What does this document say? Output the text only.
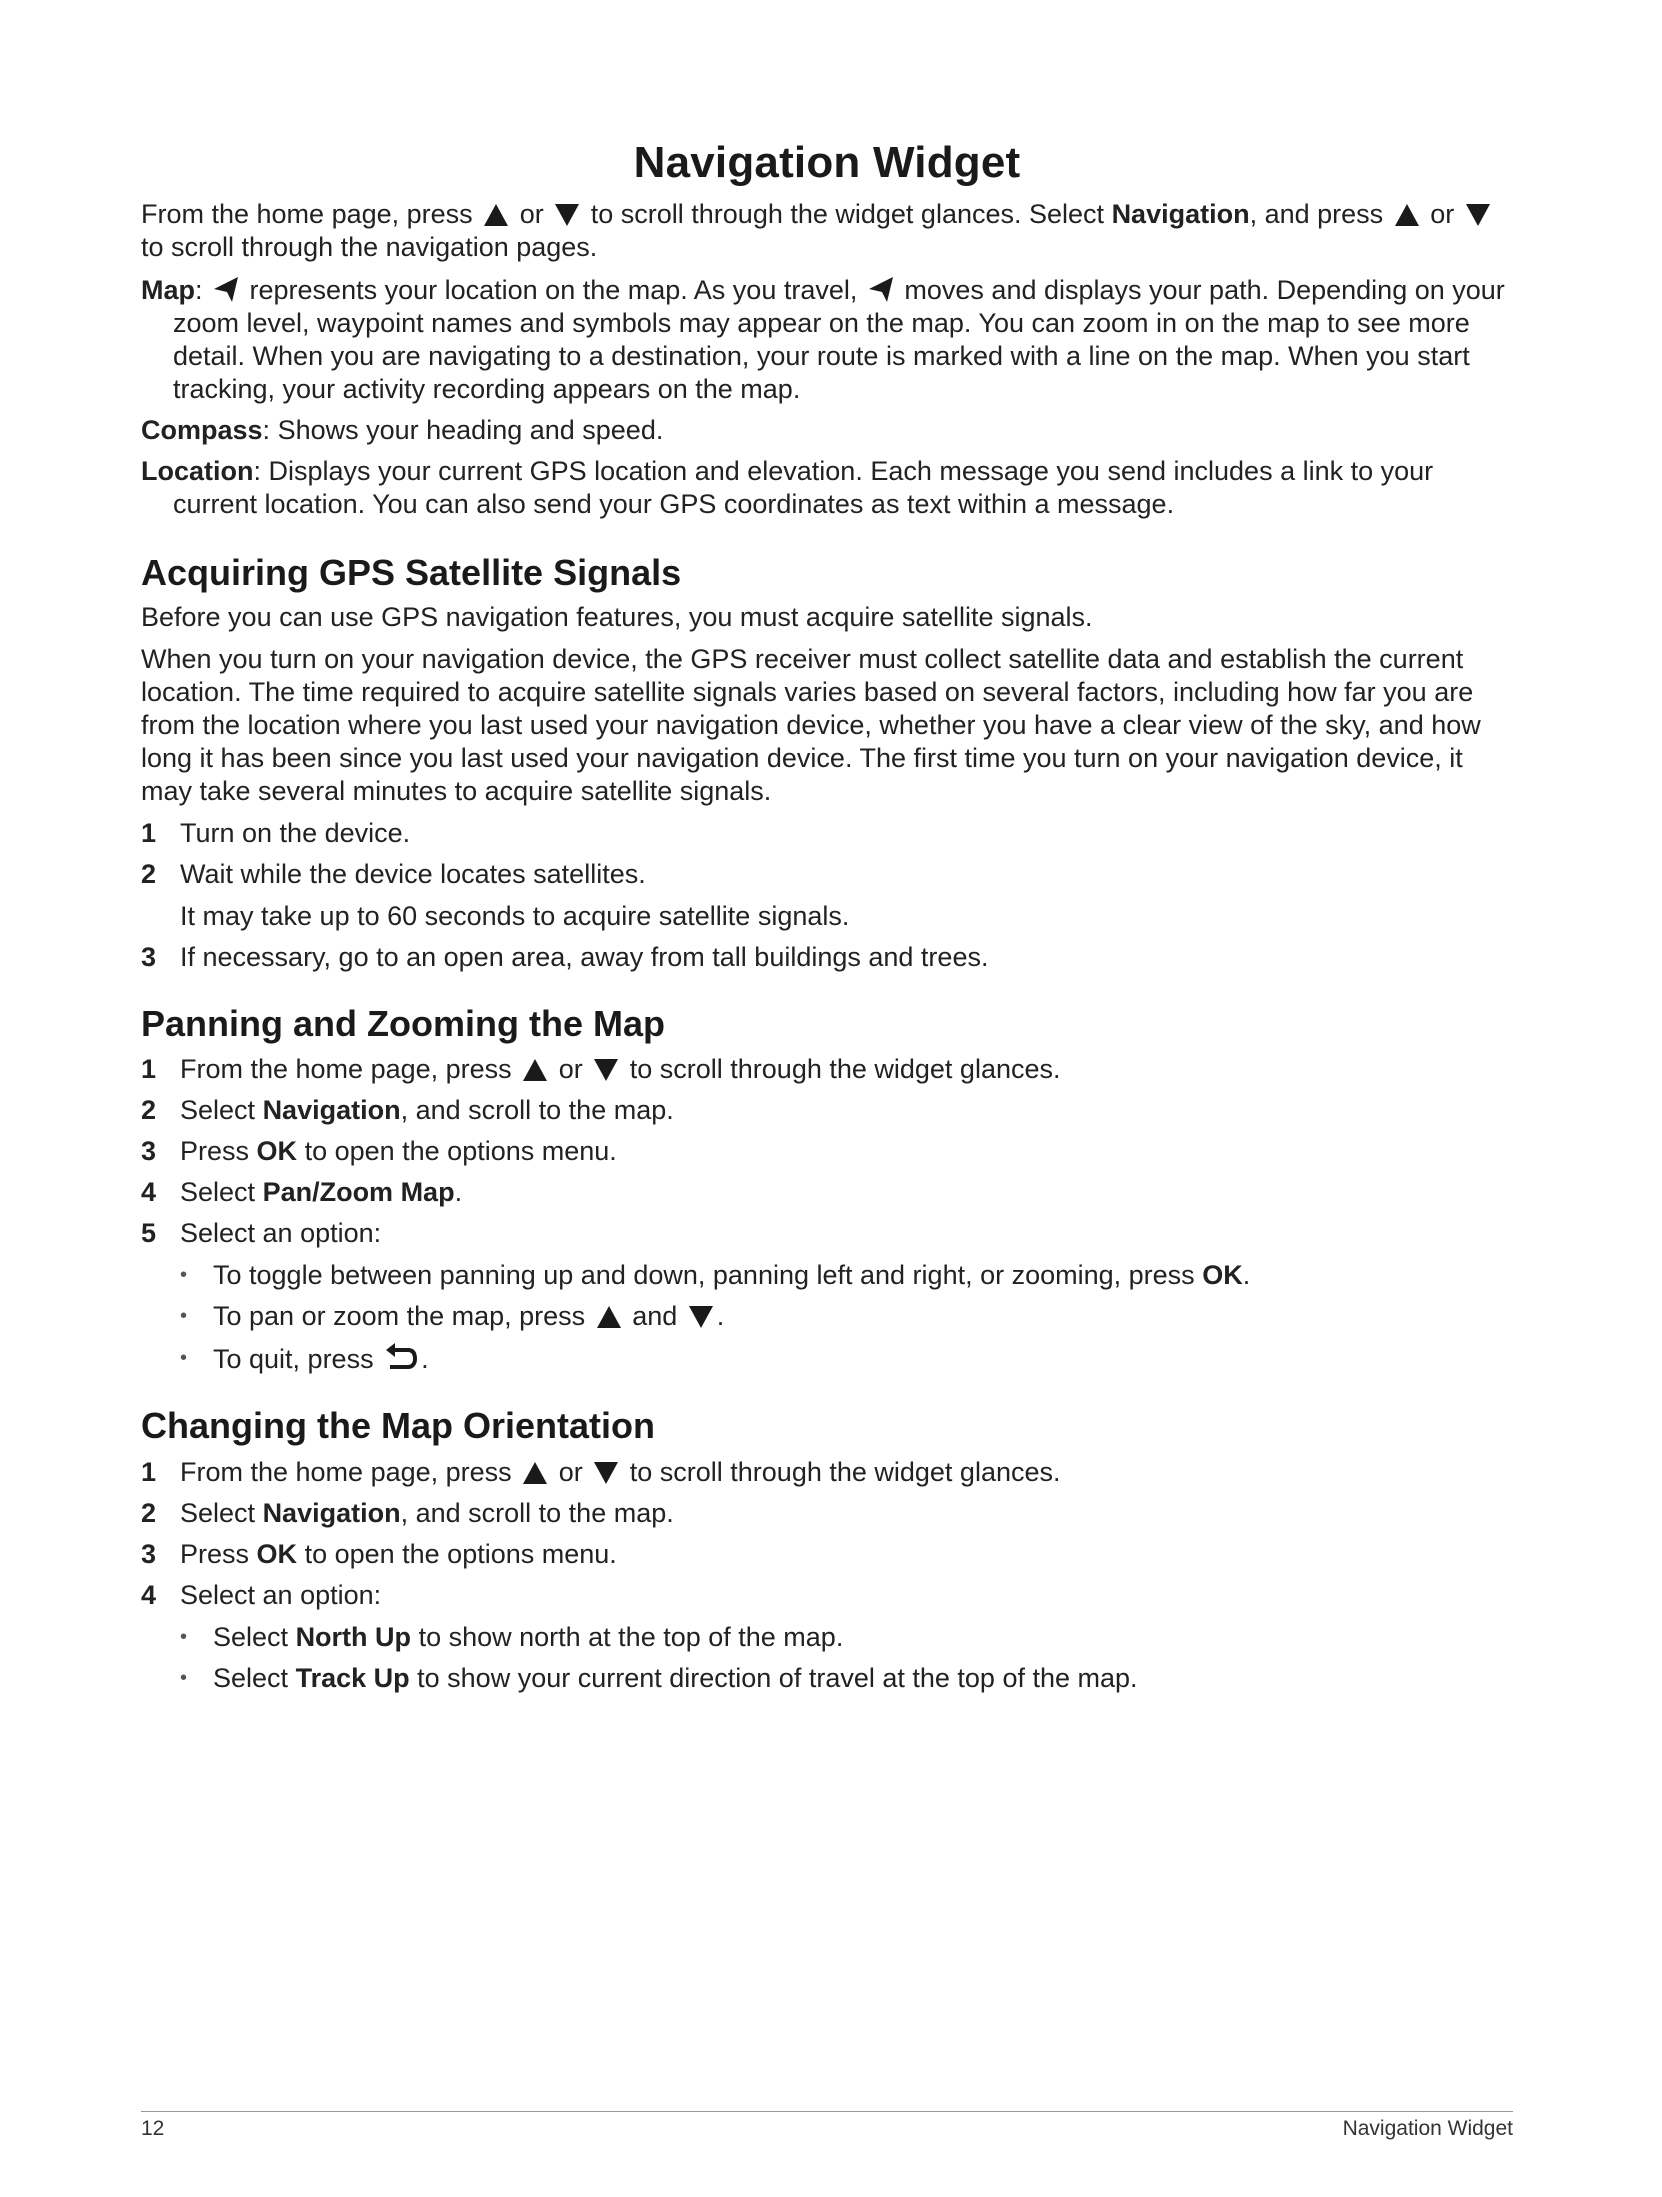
Navigation Widget

From the home page, press or to scroll through the widget glances. Select Navigation, and press or  to scroll through the navigation pages.

Map:  represents your location on the map. As you travel, moves and displays your path. Depending on your zoom level, waypoint names and symbols may appear on the map. You can zoom in on the map to see more detail. When you are navigating to a destination, your route is marked with a line on the map. When you start tracking, your activity recording appears on the map.

Compass: Shows your heading and speed.

Location: Displays your current GPS location and elevation. Each message you send includes a link to your current location. You can also send your GPS coordinates as text within a message.

Acquiring GPS Satellite Signals

Before you can use GPS navigation features, you must acquire satellite signals.

When you turn on your navigation device, the GPS receiver must collect satellite data and establish the current location. The time required to acquire satellite signals varies based on several factors, including how far you are from the location where you last used your navigation device, whether you have a clear view of the sky, and how long it has been since you last used your navigation device. The first time you turn on your navigation device, it may take several minutes to acquire satellite signals.

1 Turn on the device.
2 Wait while the device locates satellites.
It may take up to 60 seconds to acquire satellite signals.
3 If necessary, go to an open area, away from tall buildings and trees.
Panning and Zooming the Map
1 From the home page, press or to scroll through the widget glances.
2 Select Navigation, and scroll to the map.
3 Press OK to open the options menu.
4 Select Pan/Zoom Map.
5 Select an option:
• To toggle between panning up and down, panning left and right, or zooming, press OK.
• To pan or zoom the map, press and .
• To quit, press .
Changing the Map Orientation
1 From the home page, press or to scroll through the widget glances.
2 Select Navigation, and scroll to the map.
3 Press OK to open the options menu.
4 Select an option:
• Select North Up to show north at the top of the map.
• Select Track Up to show your current direction of travel at the top of the map.
12	Navigation Widget
